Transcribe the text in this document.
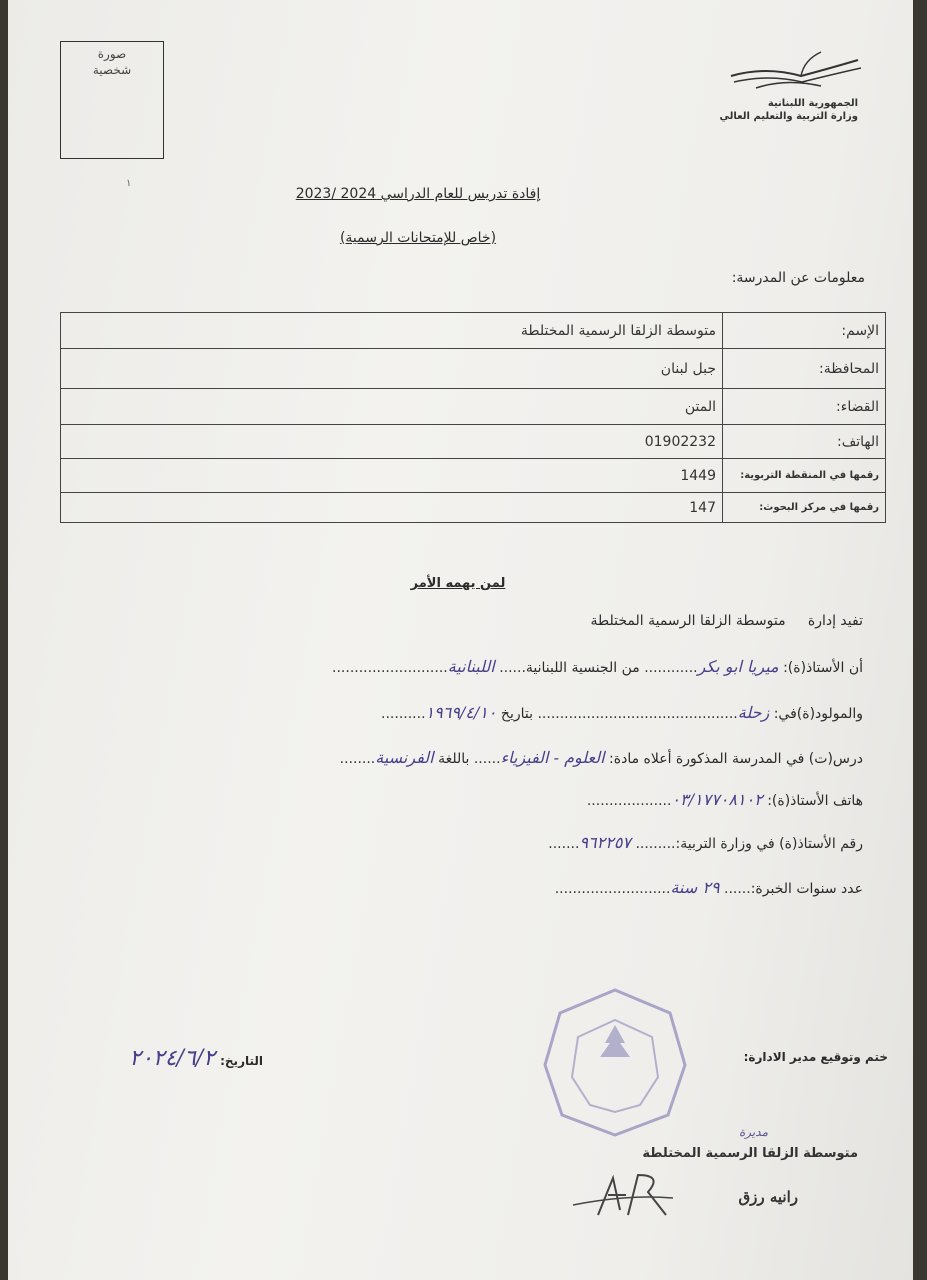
صورة
شخصية
الجمهورية اللبنانية
وزارة التربية والتعليم العالي
١
إفادة تدريس للعام الدراسي 2024 /2023
(خاص للإمتحانات الرسمية)
معلومات عن المدرسة:
الإسم:	متوسطة الزلقا الرسمية المختلطة
المحافظة:	جبل لبنان
القضاء:	المتن
الهاتف:	01902232
رقمها في المنقطة التربوية:	1449
رقمها في مركز البحوث:	147
لمن يهمه الأمر
تفيد إدارة     متوسطة الزلقا الرسمية المختلطة
أن الأستاذ(ة): ميريا ابو بكر............ من الجنسية اللبنانية...... اللبنانية..........................
والمولود(ة)في: زحلة............................................. بتاريخ ١٩٦٩/٤/١٠..........
درس(ت) في المدرسة المذكورة أعلاه مادة: العلوم - الفيزياء...... باللغة الفرنسية........
هاتف الأستاذ(ة): ٠٣/١٧٧٠٨١٠٢...................
رقم الأستاذ(ة) في وزارة التربية:......... ٩٦٢٢٥٧.......
عدد سنوات الخبرة:...... ٢٩ سنة..........................
ختم وتوقيع مدير الادارة:
التاريخ: ٢٠٢٤/٦/٢
مديرة
متوسطة الزلقا الرسمية المختلطة
رانيه رزق
